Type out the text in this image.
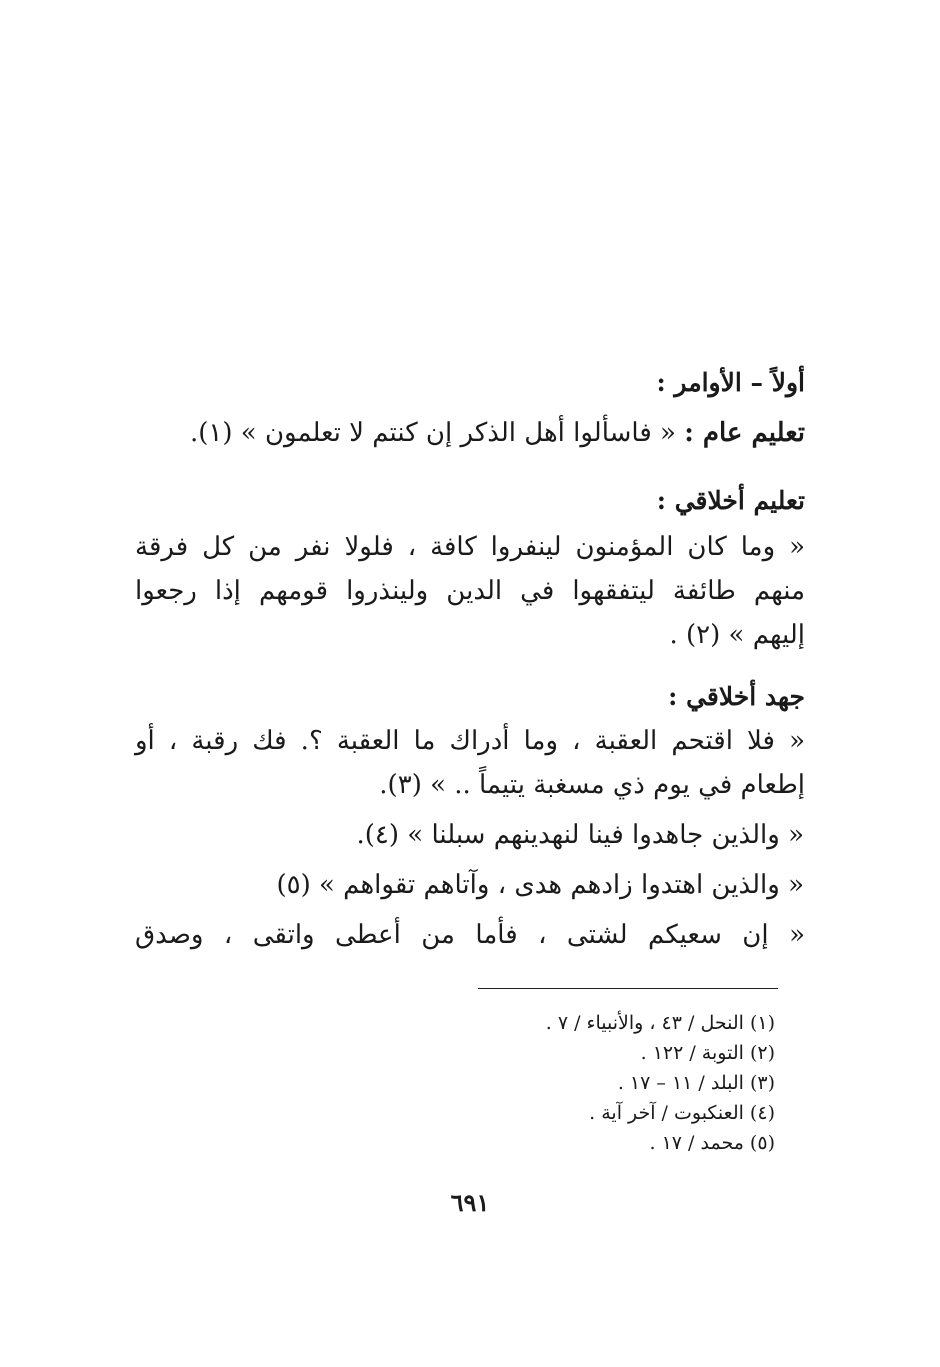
أولاً – الأوامر :
تعليم عام : « فاسألوا أهل الذكر إن كنتم لا تعلمون » (١).
تعليم أخلاقي :
« وما كان المؤمنون لينفروا كافة ، فلولا نفر من كل فرقة
منهم طائفة ليتفقهوا في الدين ولينذروا قومهم إذا رجعوا
إليهم » (٢) .
جهد أخلاقي :
« فلا اقتحم العقبة ، وما أدراك ما العقبة ؟. فك رقبة ، أو
إطعام في يوم ذي مسغبة يتيماً .. » (٣).
« والذين جاهدوا فينا لنهدينهم سبلنا » (٤).
« والذين اهتدوا زادهم هدى ، وآتاهم تقواهم » (٥)
« إن سعيكم لشتى ، فأما من أعطى واتقى ، وصدق
(١) النحل / ٤٣ ، والأنبياء / ٧ .
(٢) التوبة / ١٢٢ .
(٣) البلد / ١١ – ١٧ .
(٤) العنكبوت / آخر آية .
(٥) محمد / ١٧ .
٦٩١
